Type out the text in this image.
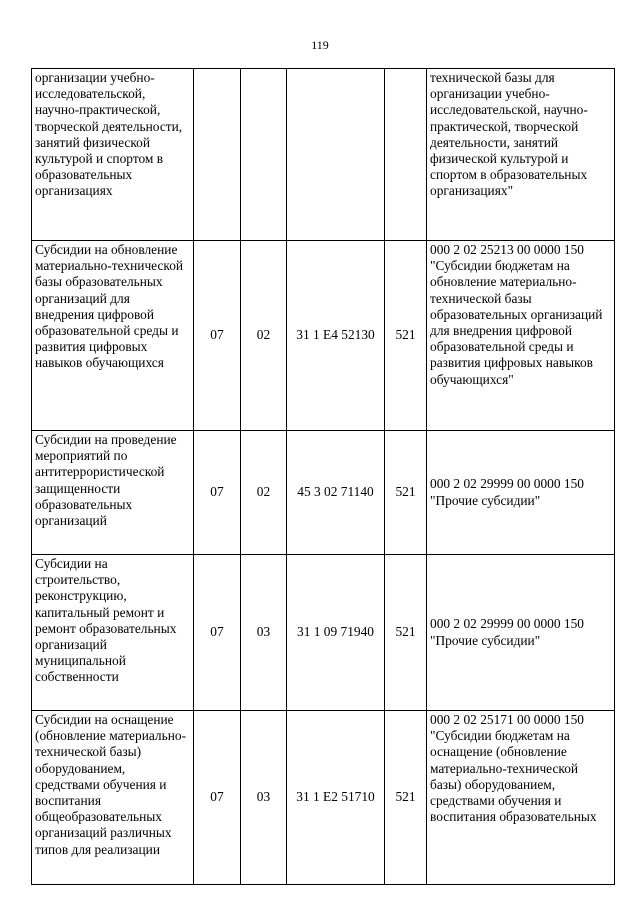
119
организации учебно-исследовательской, научно-практической, творческой деятельности, занятий физической культурой и спортом в образовательных организациях					технической базы для организации учебно-исследовательской, научно-практической, творческой деятельности, занятий физической культурой и спортом в образовательных организациях"
Субсидии на обновление материально-технической базы образовательных организаций для внедрения цифровой образовательной среды и развития цифровых навыков обучающихся	07	02	31 1 E4 52130	521	000 2 02 25213 00 0000 150 "Субсидии бюджетам на обновление материально-технической базы образовательных организаций для внедрения цифровой образовательной среды и развития цифровых навыков обучающихся"
Субсидии на проведение мероприятий по антитеррористической защищенности образовательных организаций	07	02	45 3 02 71140	521	000 2 02 29999 00 0000 150 "Прочие субсидии"
Субсидии на строительство, реконструкцию, капитальный ремонт и ремонт образовательных организаций муниципальной собственности	07	03	31 1 09 71940	521	000 2 02 29999 00 0000 150 "Прочие субсидии"
Субсидии на оснащение (обновление материально-технической базы) оборудованием, средствами обучения и воспитания общеобразовательных организаций различных типов для реализации	07	03	31 1 E2 51710	521	000 2 02 25171 00 0000 150 "Субсидии бюджетам на оснащение (обновление материально-технической базы) оборудованием, средствами обучения и воспитания образовательных
